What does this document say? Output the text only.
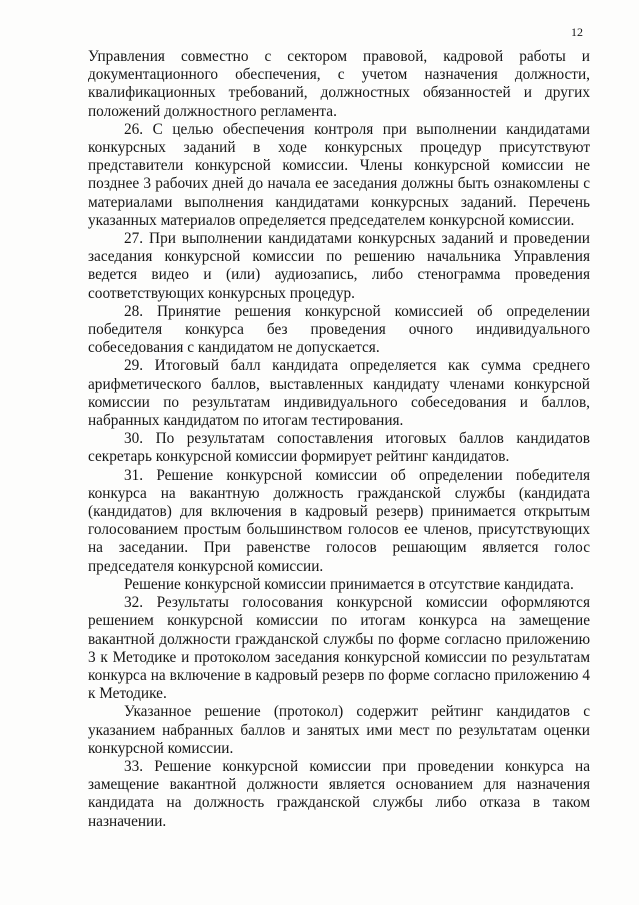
12

Управления совместно с сектором правовой, кадровой работы и документационного обеспечения, с учетом назначения должности, квалификационных требований, должностных обязанностей и других положений должностного регламента.

26. С целью обеспечения контроля при выполнении кандидатами конкурсных заданий в ходе конкурсных процедур присутствуют представители конкурсной комиссии. Члены конкурсной комиссии не позднее 3 рабочих дней до начала ее заседания должны быть ознакомлены с материалами выполнения кандидатами конкурсных заданий. Перечень указанных материалов определяется председателем конкурсной комиссии.

27. При выполнении кандидатами конкурсных заданий и проведении заседания конкурсной комиссии по решению начальника Управления ведется видео и (или) аудиозапись, либо стенограмма проведения соответствующих конкурсных процедур.

28. Принятие решения конкурсной комиссией об определении победителя конкурса без проведения очного индивидуального собеседования с кандидатом не допускается.

29. Итоговый балл кандидата определяется как сумма среднего арифметического баллов, выставленных кандидату членами конкурсной комиссии по результатам индивидуального собеседования и баллов, набранных кандидатом по итогам тестирования.

30. По результатам сопоставления итоговых баллов кандидатов секретарь конкурсной комиссии формирует рейтинг кандидатов.

31. Решение конкурсной комиссии об определении победителя конкурса на вакантную должность гражданской службы (кандидата (кандидатов) для включения в кадровый резерв) принимается открытым голосованием простым большинством голосов ее членов, присутствующих на заседании. При равенстве голосов решающим является голос председателя конкурсной комиссии.

Решение конкурсной комиссии принимается в отсутствие кандидата.

32. Результаты голосования конкурсной комиссии оформляются решением конкурсной комиссии по итогам конкурса на замещение вакантной должности гражданской службы по форме согласно приложению 3 к Методике и протоколом заседания конкурсной комиссии по результатам конкурса на включение в кадровый резерв по форме согласно приложению 4 к Методике.

Указанное решение (протокол) содержит рейтинг кандидатов с указанием набранных баллов и занятых ими мест по результатам оценки конкурсной комиссии.

33. Решение конкурсной комиссии при проведении конкурса на замещение вакантной должности является основанием для назначения кандидата на должность гражданской службы либо отказа в таком назначении.
